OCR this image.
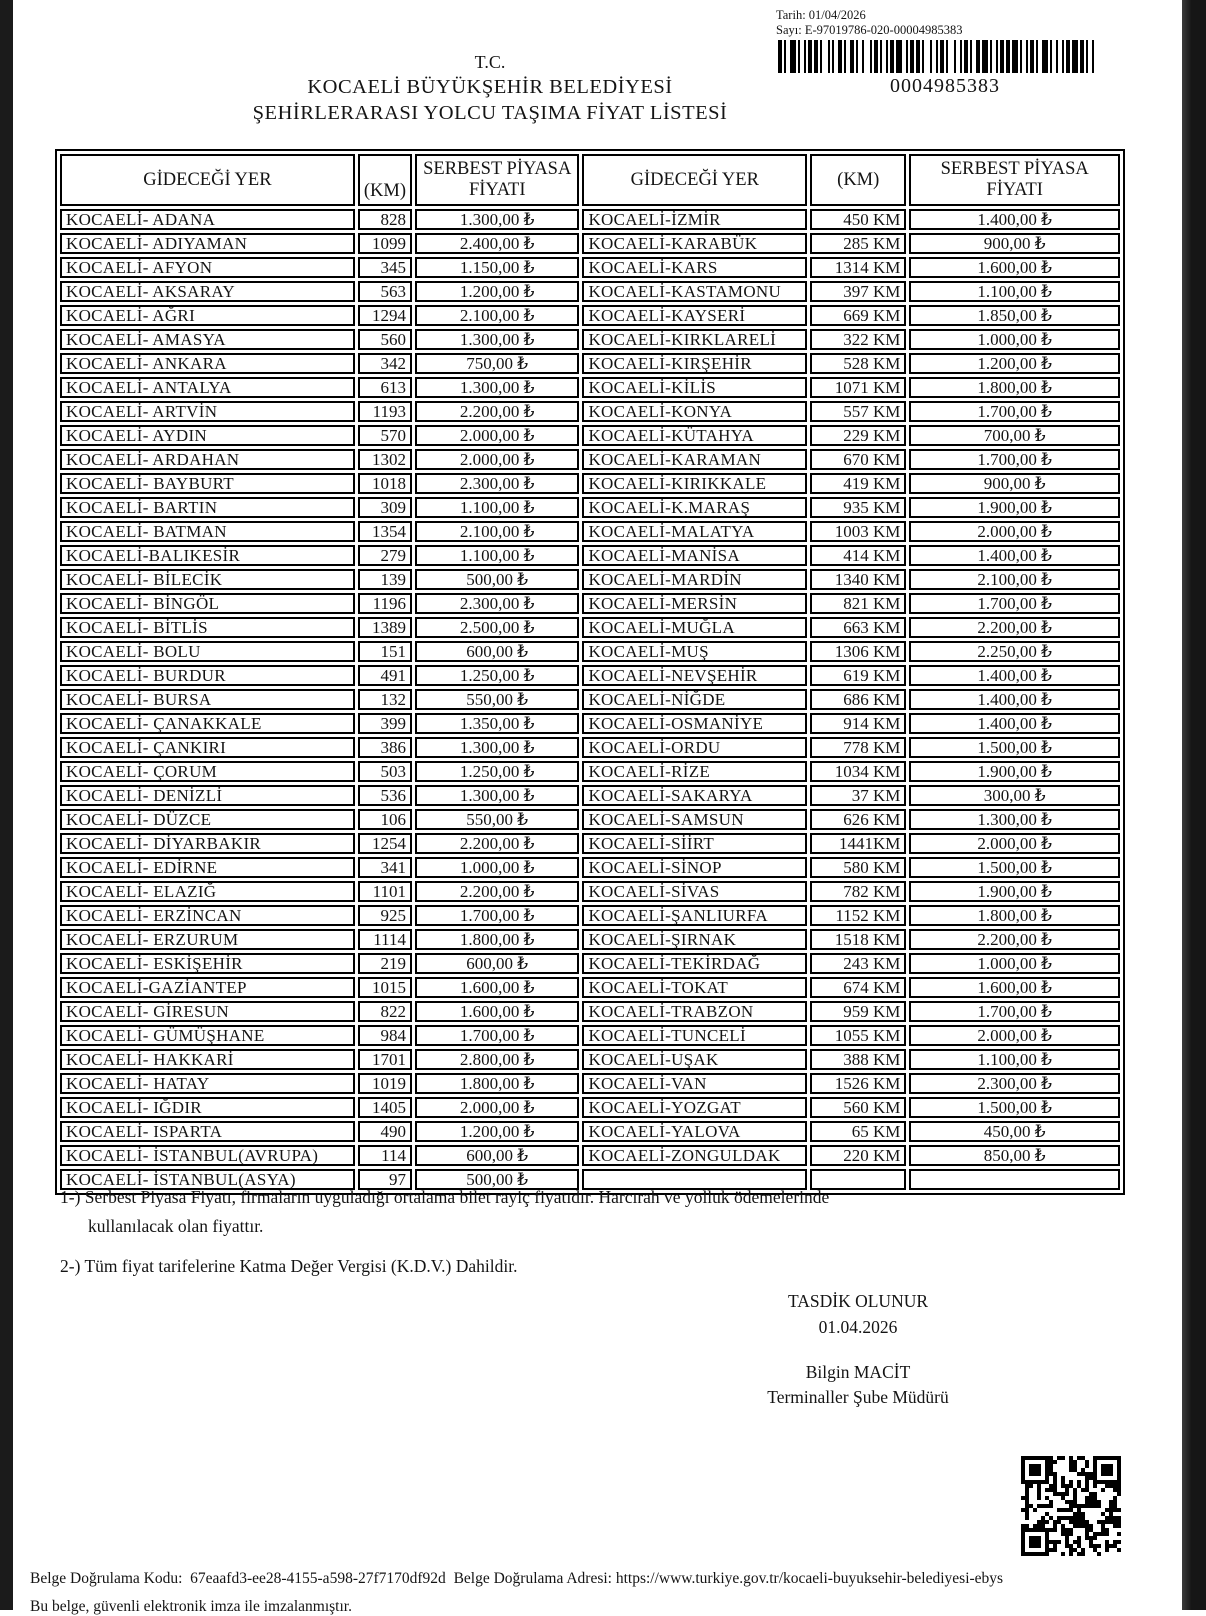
Tarih: 01/04/2026
Sayı: E-97019786-020-00004985383
0004985383
T.C.
KOCAELİ BÜYÜKŞEHİR BELEDİYESİ
ŞEHİRLERARASI YOLCU TAŞIMA FİYAT LİSTESİ
GİDECEĞİ YER	(KM)	SERBEST PİYASA FİYATI	GİDECEĞİ YER	(KM)	SERBEST PİYASA FİYATI
KOCAELİ- ADANA	828	1.300,00 ₺	KOCAELİ-İZMİR	450 KM	1.400,00 ₺
KOCAELİ- ADIYAMAN	1099	2.400,00 ₺	KOCAELİ-KARABÜK	285 KM	900,00 ₺
KOCAELİ- AFYON	345	1.150,00 ₺	KOCAELİ-KARS	1314 KM	1.600,00 ₺
KOCAELİ- AKSARAY	563	1.200,00 ₺	KOCAELİ-KASTAMONU	397 KM	1.100,00 ₺
KOCAELİ- AĞRI	1294	2.100,00 ₺	KOCAELİ-KAYSERİ	669 KM	1.850,00 ₺
KOCAELİ- AMASYA	560	1.300,00 ₺	KOCAELİ-KIRKLARELİ	322 KM	1.000,00 ₺
KOCAELİ- ANKARA	342	750,00 ₺	KOCAELİ-KIRŞEHİR	528 KM	1.200,00 ₺
KOCAELİ- ANTALYA	613	1.300,00 ₺	KOCAELİ-KİLİS	1071 KM	1.800,00 ₺
KOCAELİ- ARTVİN	1193	2.200,00 ₺	KOCAELİ-KONYA	557 KM	1.700,00 ₺
KOCAELİ- AYDIN	570	2.000,00 ₺	KOCAELİ-KÜTAHYA	229 KM	700,00 ₺
KOCAELİ- ARDAHAN	1302	2.000,00 ₺	KOCAELİ-KARAMAN	670 KM	1.700,00 ₺
KOCAELİ- BAYBURT	1018	2.300,00 ₺	KOCAELİ-KIRIKKALE	419 KM	900,00 ₺
KOCAELİ- BARTIN	309	1.100,00 ₺	KOCAELİ-K.MARAŞ	935 KM	1.900,00 ₺
KOCAELİ- BATMAN	1354	2.100,00 ₺	KOCAELİ-MALATYA	1003 KM	2.000,00 ₺
KOCAELİ-BALIKESİR	279	1.100,00 ₺	KOCAELİ-MANİSA	414 KM	1.400,00 ₺
KOCAELİ- BİLECİK	139	500,00 ₺	KOCAELİ-MARDİN	1340 KM	2.100,00 ₺
KOCAELİ- BİNGÖL	1196	2.300,00 ₺	KOCAELİ-MERSİN	821 KM	1.700,00 ₺
KOCAELİ- BİTLİS	1389	2.500,00 ₺	KOCAELİ-MUĞLA	663 KM	2.200,00 ₺
KOCAELİ- BOLU	151	600,00 ₺	KOCAELİ-MUŞ	1306 KM	2.250,00 ₺
KOCAELİ- BURDUR	491	1.250,00 ₺	KOCAELİ-NEVŞEHİR	619 KM	1.400,00 ₺
KOCAELİ- BURSA	132	550,00 ₺	KOCAELİ-NİĞDE	686 KM	1.400,00 ₺
KOCAELİ- ÇANAKKALE	399	1.350,00 ₺	KOCAELİ-OSMANİYE	914 KM	1.400,00 ₺
KOCAELİ- ÇANKIRI	386	1.300,00 ₺	KOCAELİ-ORDU	778 KM	1.500,00 ₺
KOCAELİ- ÇORUM	503	1.250,00 ₺	KOCAELİ-RİZE	1034 KM	1.900,00 ₺
KOCAELİ- DENİZLİ	536	1.300,00 ₺	KOCAELİ-SAKARYA	37 KM	300,00 ₺
KOCAELİ- DÜZCE	106	550,00 ₺	KOCAELİ-SAMSUN	626 KM	1.300,00 ₺
KOCAELİ- DİYARBAKIR	1254	2.200,00 ₺	KOCAELİ-SİİRT	1441KM	2.000,00 ₺
KOCAELİ- EDİRNE	341	1.000,00 ₺	KOCAELİ-SİNOP	580 KM	1.500,00 ₺
KOCAELİ- ELAZIĞ	1101	2.200,00 ₺	KOCAELİ-SİVAS	782 KM	1.900,00 ₺
KOCAELİ- ERZİNCAN	925	1.700,00 ₺	KOCAELİ-ŞANLIURFA	1152 KM	1.800,00 ₺
KOCAELİ- ERZURUM	1114	1.800,00 ₺	KOCAELİ-ŞIRNAK	1518 KM	2.200,00 ₺
KOCAELİ- ESKİŞEHİR	219	600,00 ₺	KOCAELİ-TEKİRDAĞ	243 KM	1.000,00 ₺
KOCAELİ-GAZİANTEP	1015	1.600,00 ₺	KOCAELİ-TOKAT	674 KM	1.600,00 ₺
KOCAELİ- GİRESUN	822	1.600,00 ₺	KOCAELİ-TRABZON	959 KM	1.700,00 ₺
KOCAELİ- GÜMÜŞHANE	984	1.700,00 ₺	KOCAELİ-TUNCELİ	1055 KM	2.000,00 ₺
KOCAELİ- HAKKARİ	1701	2.800,00 ₺	KOCAELİ-UŞAK	388 KM	1.100,00 ₺
KOCAELİ- HATAY	1019	1.800,00 ₺	KOCAELİ-VAN	1526 KM	2.300,00 ₺
KOCAELİ- IĞDIR	1405	2.000,00 ₺	KOCAELİ-YOZGAT	560 KM	1.500,00 ₺
KOCAELİ- ISPARTA	490	1.200,00 ₺	KOCAELİ-YALOVA	65 KM	450,00 ₺
KOCAELİ- İSTANBUL(AVRUPA)	114	600,00 ₺	KOCAELİ-ZONGULDAK	220 KM	850,00 ₺
KOCAELİ- İSTANBUL(ASYA)	97	500,00 ₺			
1-) Serbest Piyasa Fiyatı, firmaların uyguladığı ortalama bilet rayiç fiyatıdır. Harcırah ve yolluk ödemelerinde
kullanılacak olan fiyattır.
2-) Tüm fiyat tarifelerine Katma Değer Vergisi (K.D.V.) Dahildir.
TASDİK OLUNUR
01.04.2026
Bilgin MACİT
Terminaller Şube Müdürü
Belge Doğrulama Kodu: 67eaafd3-ee28-4155-a598-27f7170df92d Belge Doğrulama Adresi: https://www.turkiye.gov.tr/kocaeli-buyuksehir-belediyesi-ebys
Bu belge, güvenli elektronik imza ile imzalanmıştır.
